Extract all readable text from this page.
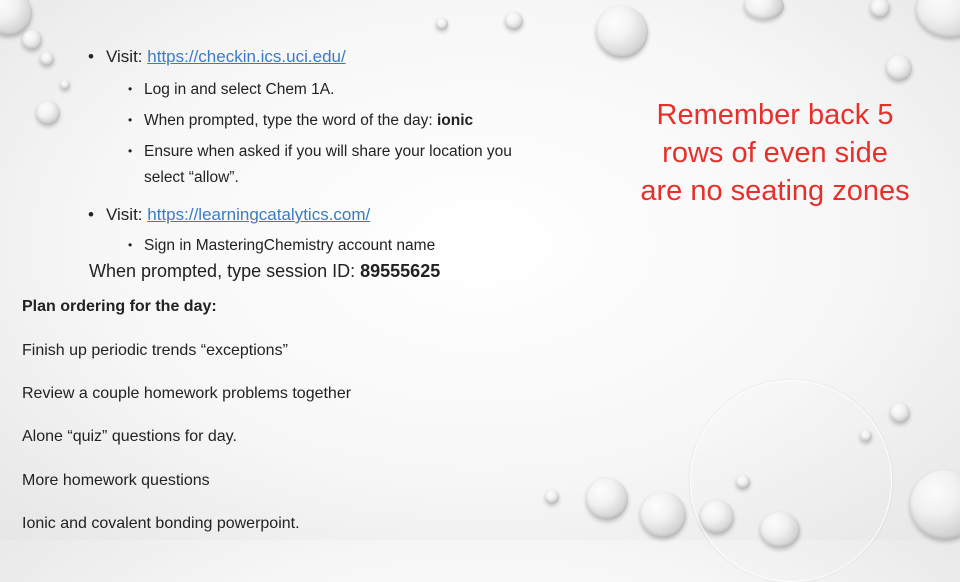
• Visit: https://checkin.ics.uci.edu/
• Log in and select Chem 1A.
• When prompted, type the word of the day: ionic
• Ensure when asked if you will share your location you
select “allow”.
• Visit: https://learningcatalytics.com/
• Sign in MasteringChemistry account name
When prompted, type session ID: 89555625
Plan ordering for the day:
Finish up periodic trends “exceptions”
Review a couple homework problems together
Alone “quiz” questions for day.
More homework questions
Ionic and covalent bonding powerpoint.
Remember back 5
rows of even side
are no seating zones
